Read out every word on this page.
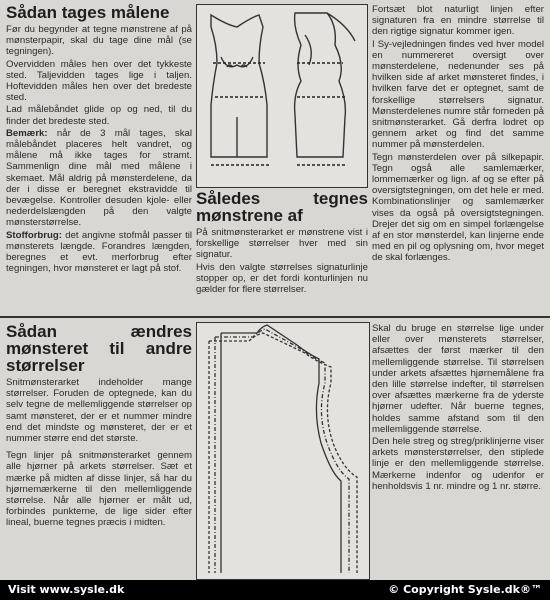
Sådan tages målene

Før du begynder at tegne mønstrene af på mønsterpapir, skal du tage dine mål (se tegningen).

Overvidden måles hen over det tykkeste sted. Taljevidden tages lige i taljen. Hoftevidden måles hen over det bredeste sted.

Lad målebåndet glide op og ned, til du finder det bredeste sted.

Bemærk: når de 3 mål tages, skal målebåndet placeres helt vandret, og målene må ikke tages for stramt. Sammenlign dine mål med målene i skemaet. Mål aldrig på mønsterdelene, da der i disse er beregnet ekstravidde til bevægelse. Kontroller desuden kjole- eller nederdelslængden på den valgte mønsterstørrelse.

Stofforbrug: det angivne stofmål passer til mønsterets længde. Forandres længden, beregnes et evt. merforbrug efter tegningen, hvor mønsteret er lagt på stof.

Således tegnes mønstrene af

På snitmønsterarket er mønstrene vist i forskellige størrelser hver med sin signatur.

Hvis den valgte størrelses signaturlinje stopper op, er det fordi konturlinjen nu gælder for flere størrelser.

Fortsæt blot naturligt linjen efter signaturen fra en mindre størrelse til den rigtige signatur kommer igen.

I Sy-vejledningen findes ved hver model en nummereret oversigt over mønsterdelene, nedenunder ses på hvilken side af arket mønsteret findes, i hvilken farve det er optegnet, samt de forskellige størrelsers signatur. Mønsterdelenes numre står forneden på snitmønsterarket. Gå derfra lodret op gennem arket og find det samme nummer på mønsterdelen.

Tegn mønsterdelen over på silkepapir. Tegn også alle samlemærker, lommemærker og lign. af og se efter på oversigtstegningen, om det hele er med. Kombinationslinjer og samlemærker vises da også på oversigtstegningen. Drejer det sig om en simpel forlængelse af en stor mønsterdel, kan linjerne ende med en pil og oplysning om, hvor meget de skal forlænges.

Sådan ændres mønsteret til andre størrelser

Snitmønsterarket indeholder mange størrelser. Foruden de optegnede, kan du selv tegne de mellemliggende størrelser op samt mønsteret, der er et nummer mindre end det mindste og mønsteret, der er et nummer større end det største.

Tegn linjer på snitmønsterarket gennem alle hjørner på arkets størrelser. Sæt et mærke på midten af disse linjer, så har du hjørnemærkerne til den mellemliggende størrelse. Når alle hjørner er målt ud, forbindes punkterne, de lige sider efter lineal, buerne tegnes præcis i midten.

Skal du bruge en størrelse lige under eller over mønsterets størrelser, afsættes der først mærker til den mellemliggende størrelse. Til størrelsen under arkets afsættes hjørnemålene fra den lille størrelse indefter, til størrelsen over afsættes mærkerne fra de yderste hjørner udefter. Når buerne tegnes, holdes samme afstand som til den mellemliggende størrelse.

Den hele streg og streg/priklinjerne viser arkets mønsterstørrelser, den stiplede linje er den mellemliggende størrelse. Mærkerne indenfor og udenfor er henholdsvis 1 nr. mindre og 1 nr. større.

Visit www.sysle.dk	© Copyright Sysle.dk®™
